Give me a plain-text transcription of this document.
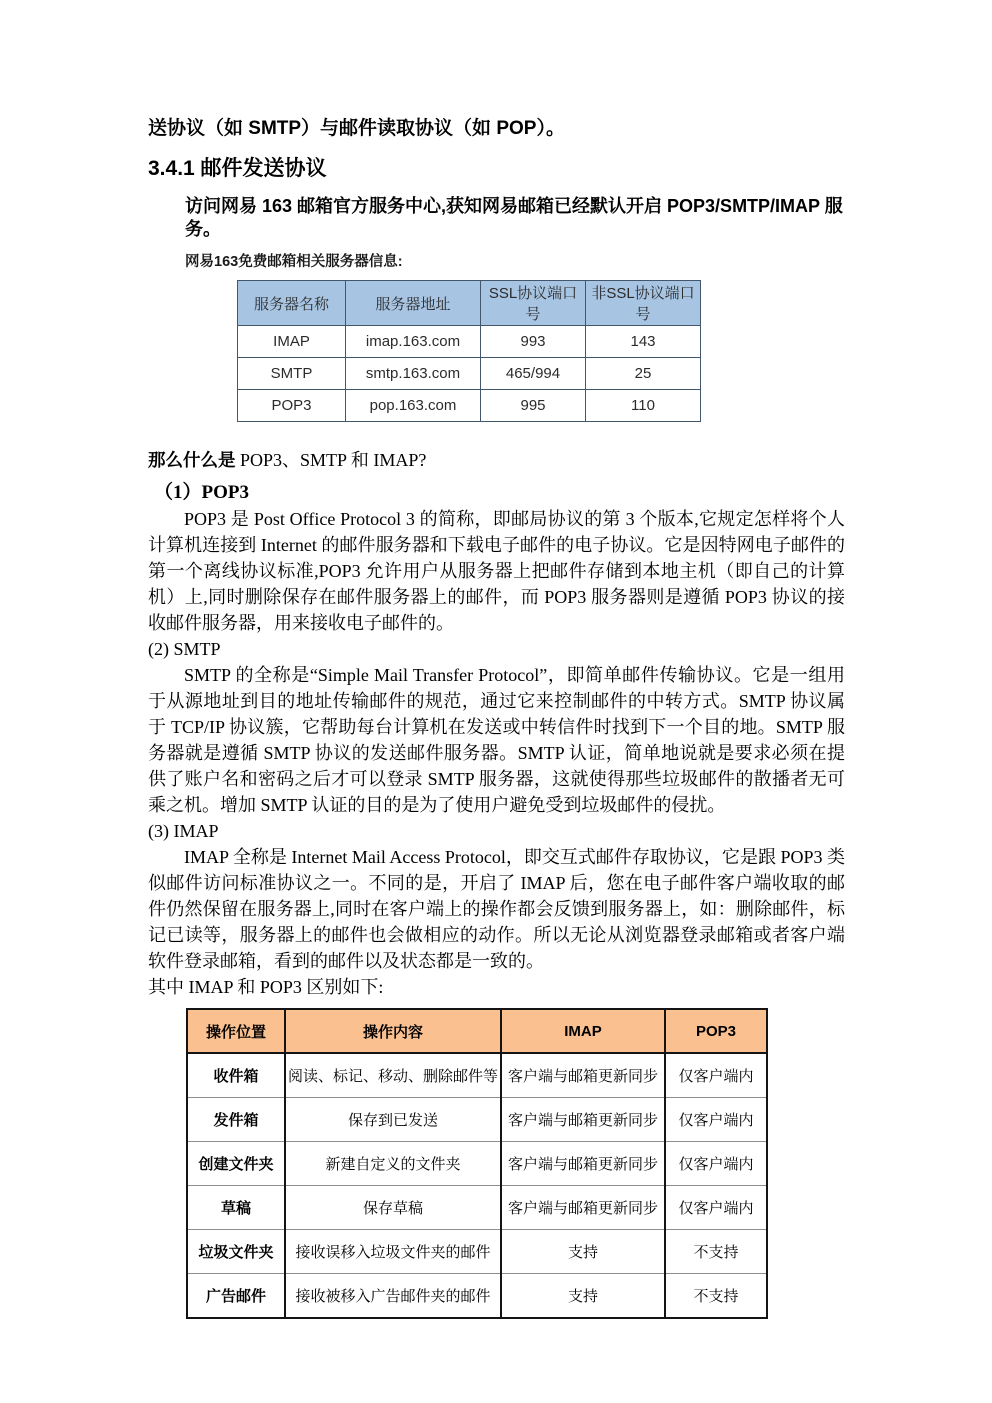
送协议（如 SMTP）与邮件读取协议（如 POP）。

3.4.1 邮件发送协议

访问网易 163 邮箱官方服务中心,获知网易邮箱已经默认开启 POP3/SMTP/IMAP 服务。

网易163免费邮箱相关服务器信息:

服务器名称	服务器地址	SSL协议端口号	非SSL协议端口号
IMAP	imap.163.com	993	143
SMTP	smtp.163.com	465/994	25
POP3	pop.163.com	995	110

那么什么是 POP3、SMTP 和 IMAP?

（1）POP3

POP3 是 Post Office Protocol 3 的简称，即邮局协议的第 3 个版本,它规定怎样将个人计算机连接到 Internet 的邮件服务器和下载电子邮件的电子协议。它是因特网电子邮件的第一个离线协议标准,POP3 允许用户从服务器上把邮件存储到本地主机（即自己的计算机）上,同时删除保存在邮件服务器上的邮件，而 POP3 服务器则是遵循 POP3 协议的接收邮件服务器，用来接收电子邮件的。

(2) SMTP

SMTP 的全称是“Simple Mail Transfer Protocol”，即简单邮件传输协议。它是一组用于从源地址到目的地址传输邮件的规范，通过它来控制邮件的中转方式。SMTP 协议属于 TCP/IP 协议簇，它帮助每台计算机在发送或中转信件时找到下一个目的地。SMTP 服务器就是遵循 SMTP 协议的发送邮件服务器。SMTP 认证，简单地说就是要求必须在提供了账户名和密码之后才可以登录 SMTP 服务器，这就使得那些垃圾邮件的散播者无可乘之机。增加 SMTP 认证的目的是为了使用户避免受到垃圾邮件的侵扰。

(3) IMAP

IMAP 全称是 Internet Mail Access Protocol，即交互式邮件存取协议，它是跟 POP3 类似邮件访问标准协议之一。不同的是，开启了 IMAP 后，您在电子邮件客户端收取的邮件仍然保留在服务器上,同时在客户端上的操作都会反馈到服务器上，如：删除邮件，标记已读等，服务器上的邮件也会做相应的动作。所以无论从浏览器登录邮箱或者客户端软件登录邮箱，看到的邮件以及状态都是一致的。

其中 IMAP 和 POP3 区别如下:

操作位置	操作内容	IMAP	POP3
收件箱	阅读、标记、移动、删除邮件等	客户端与邮箱更新同步	仅客户端内
发件箱	保存到已发送	客户端与邮箱更新同步	仅客户端内
创建文件夹	新建自定义的文件夹	客户端与邮箱更新同步	仅客户端内
草稿	保存草稿	客户端与邮箱更新同步	仅客户端内
垃圾文件夹	接收误移入垃圾文件夹的邮件	支持	不支持
广告邮件	接收被移入广告邮件夹的邮件	支持	不支持
